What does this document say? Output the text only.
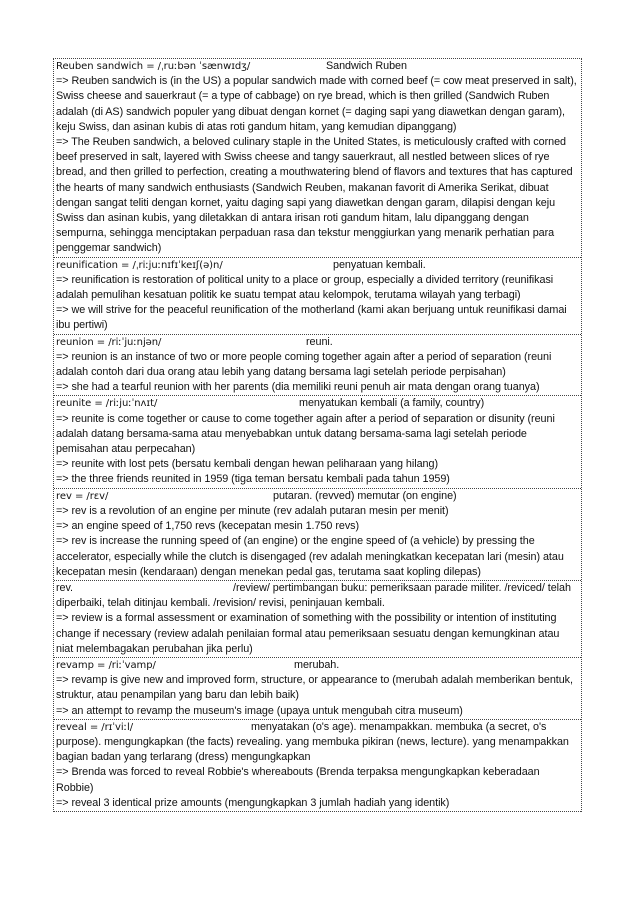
Reuben sandwich = /ˌruːbən ˈsænwɪdʒ/	Sandwich Ruben
=> Reuben sandwich is (in the US) a popular sandwich made with corned beef (= cow meat preserved in salt), Swiss cheese and sauerkraut (= a type of cabbage) on rye bread, which is then grilled (Sandwich Ruben adalah (di AS) sandwich populer yang dibuat dengan kornet (= daging sapi yang diawetkan dengan garam), keju Swiss, dan asinan kubis di atas roti gandum hitam, yang kemudian dipanggang)
=> The Reuben sandwich, a beloved culinary staple in the United States, is meticulously crafted with corned beef preserved in salt, layered with Swiss cheese and tangy sauerkraut, all nestled between slices of rye bread, and then grilled to perfection, creating a mouthwatering blend of flavors and textures that has captured the hearts of many sandwich enthusiasts (Sandwich Reuben, makanan favorit di Amerika Serikat, dibuat dengan sangat teliti dengan kornet, yaitu daging sapi yang diawetkan dengan garam, dilapisi dengan keju Swiss dan asinan kubis, yang diletakkan di antara irisan roti gandum hitam, lalu dipanggang dengan sempurna, sehingga menciptakan perpaduan rasa dan tekstur menggiurkan yang menarik perhatian para penggemar sandwich)
reunification = /ˌriːjuːnɪfɪˈkeɪʃ(ə)n/	penyatuan kembali.
=> reunification is restoration of political unity to a place or group, especially a divided territory (reunifikasi adalah pemulihan kesatuan politik ke suatu tempat atau kelompok, terutama wilayah yang terbagi)
=> we will strive for the peaceful reunification of the motherland (kami akan berjuang untuk reunifikasi damai ibu pertiwi)
reunion = /riːˈjuːnjən/	reuni.
=> reunion is an instance of two or more people coming together again after a period of separation (reuni adalah contoh dari dua orang atau lebih yang datang bersama lagi setelah periode perpisahan)
=> she had a tearful reunion with her parents (dia memiliki reuni penuh air mata dengan orang tuanya)
reunite = /riːjuːˈnʌɪt/	menyatukan kembali (a family, country)
=> reunite is come together or cause to come together again after a period of separation or disunity (reuni adalah datang bersama-sama atau menyebabkan untuk datang bersama-sama lagi setelah periode pemisahan atau perpecahan)
=> reunite with lost pets (bersatu kembali dengan hewan peliharaan yang hilang)
=> the three friends reunited in 1959 (tiga teman bersatu kembali pada tahun 1959)
rev = /rɛv/	putaran. (revved) memutar (on engine)
=> rev is a revolution of an engine per minute (rev adalah putaran mesin per menit)
=> an engine speed of 1,750 revs (kecepatan mesin 1.750 revs)
=> rev is increase the running speed of (an engine) or the engine speed of (a vehicle) by pressing the accelerator, especially while the clutch is disengaged (rev adalah meningkatkan kecepatan lari (mesin) atau kecepatan mesin (kendaraan) dengan menekan pedal gas, terutama saat kopling dilepas)
rev.	/review/ pertimbangan buku: pemeriksaan parade militer. /reviced/ telah diperbaiki, telah ditinjau kembali. /revision/ revisi, peninjauan kembali.
=> review is a formal assessment or examination of something with the possibility or intention of instituting change if necessary (review adalah penilaian formal atau pemeriksaan sesuatu dengan kemungkinan atau niat melembagakan perubahan jika perlu)
revamp = /riːˈvamp/	merubah.
=> revamp is give new and improved form, structure, or appearance to (merubah adalah memberikan bentuk, struktur, atau penampilan yang baru dan lebih baik)
=> an attempt to revamp the museum's image (upaya untuk mengubah citra museum)
reveal = /rɪˈviːl/	menyatakan (o's age). menampakkan. membuka (a secret, o's purpose). mengungkapkan (the facts) revealing. yang membuka pikiran (news, lecture). yang menampakkan bagian badan yang terlarang (dress) mengungkapkan
=> Brenda was forced to reveal Robbie's whereabouts (Brenda terpaksa mengungkapkan keberadaan Robbie)
=> reveal 3 identical prize amounts (mengungkapkan 3 jumlah hadiah yang identik)
